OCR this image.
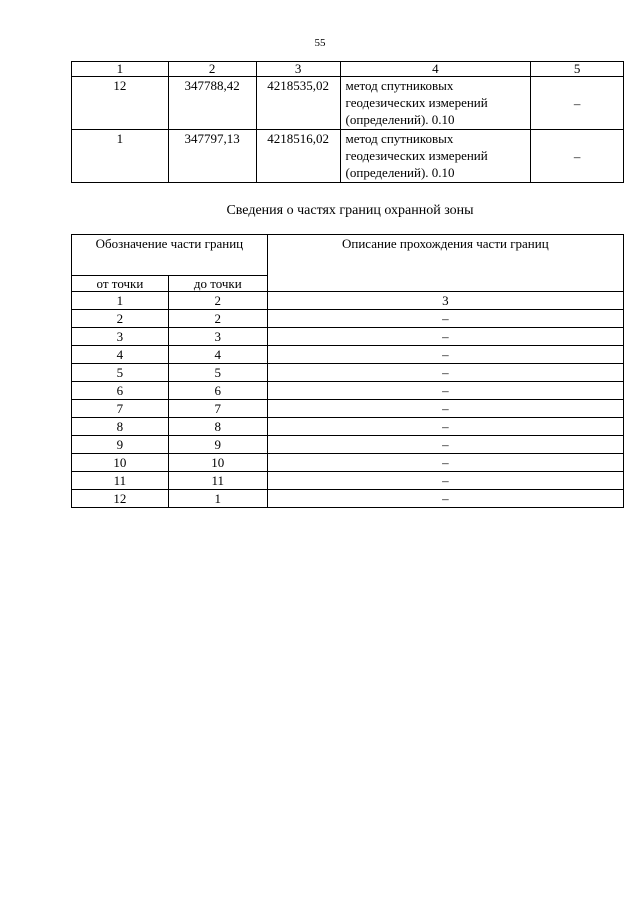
55
1	2	3	4	5
12	347788,42	4218535,02	метод спутниковых геодезических измерений (определений). 0.10	–
1	347797,13	4218516,02	метод спутниковых геодезических измерений (определений). 0.10	–
Сведения о частях границ охранной зоны
Обозначение части границ		Описание прохождения части границ
от точки	до точки	
1	2	3
2	2	–
3	3	–
4	4	–
5	5	–
6	6	–
7	7	–
8	8	–
9	9	–
10	10	–
11	11	–
12	1	–
